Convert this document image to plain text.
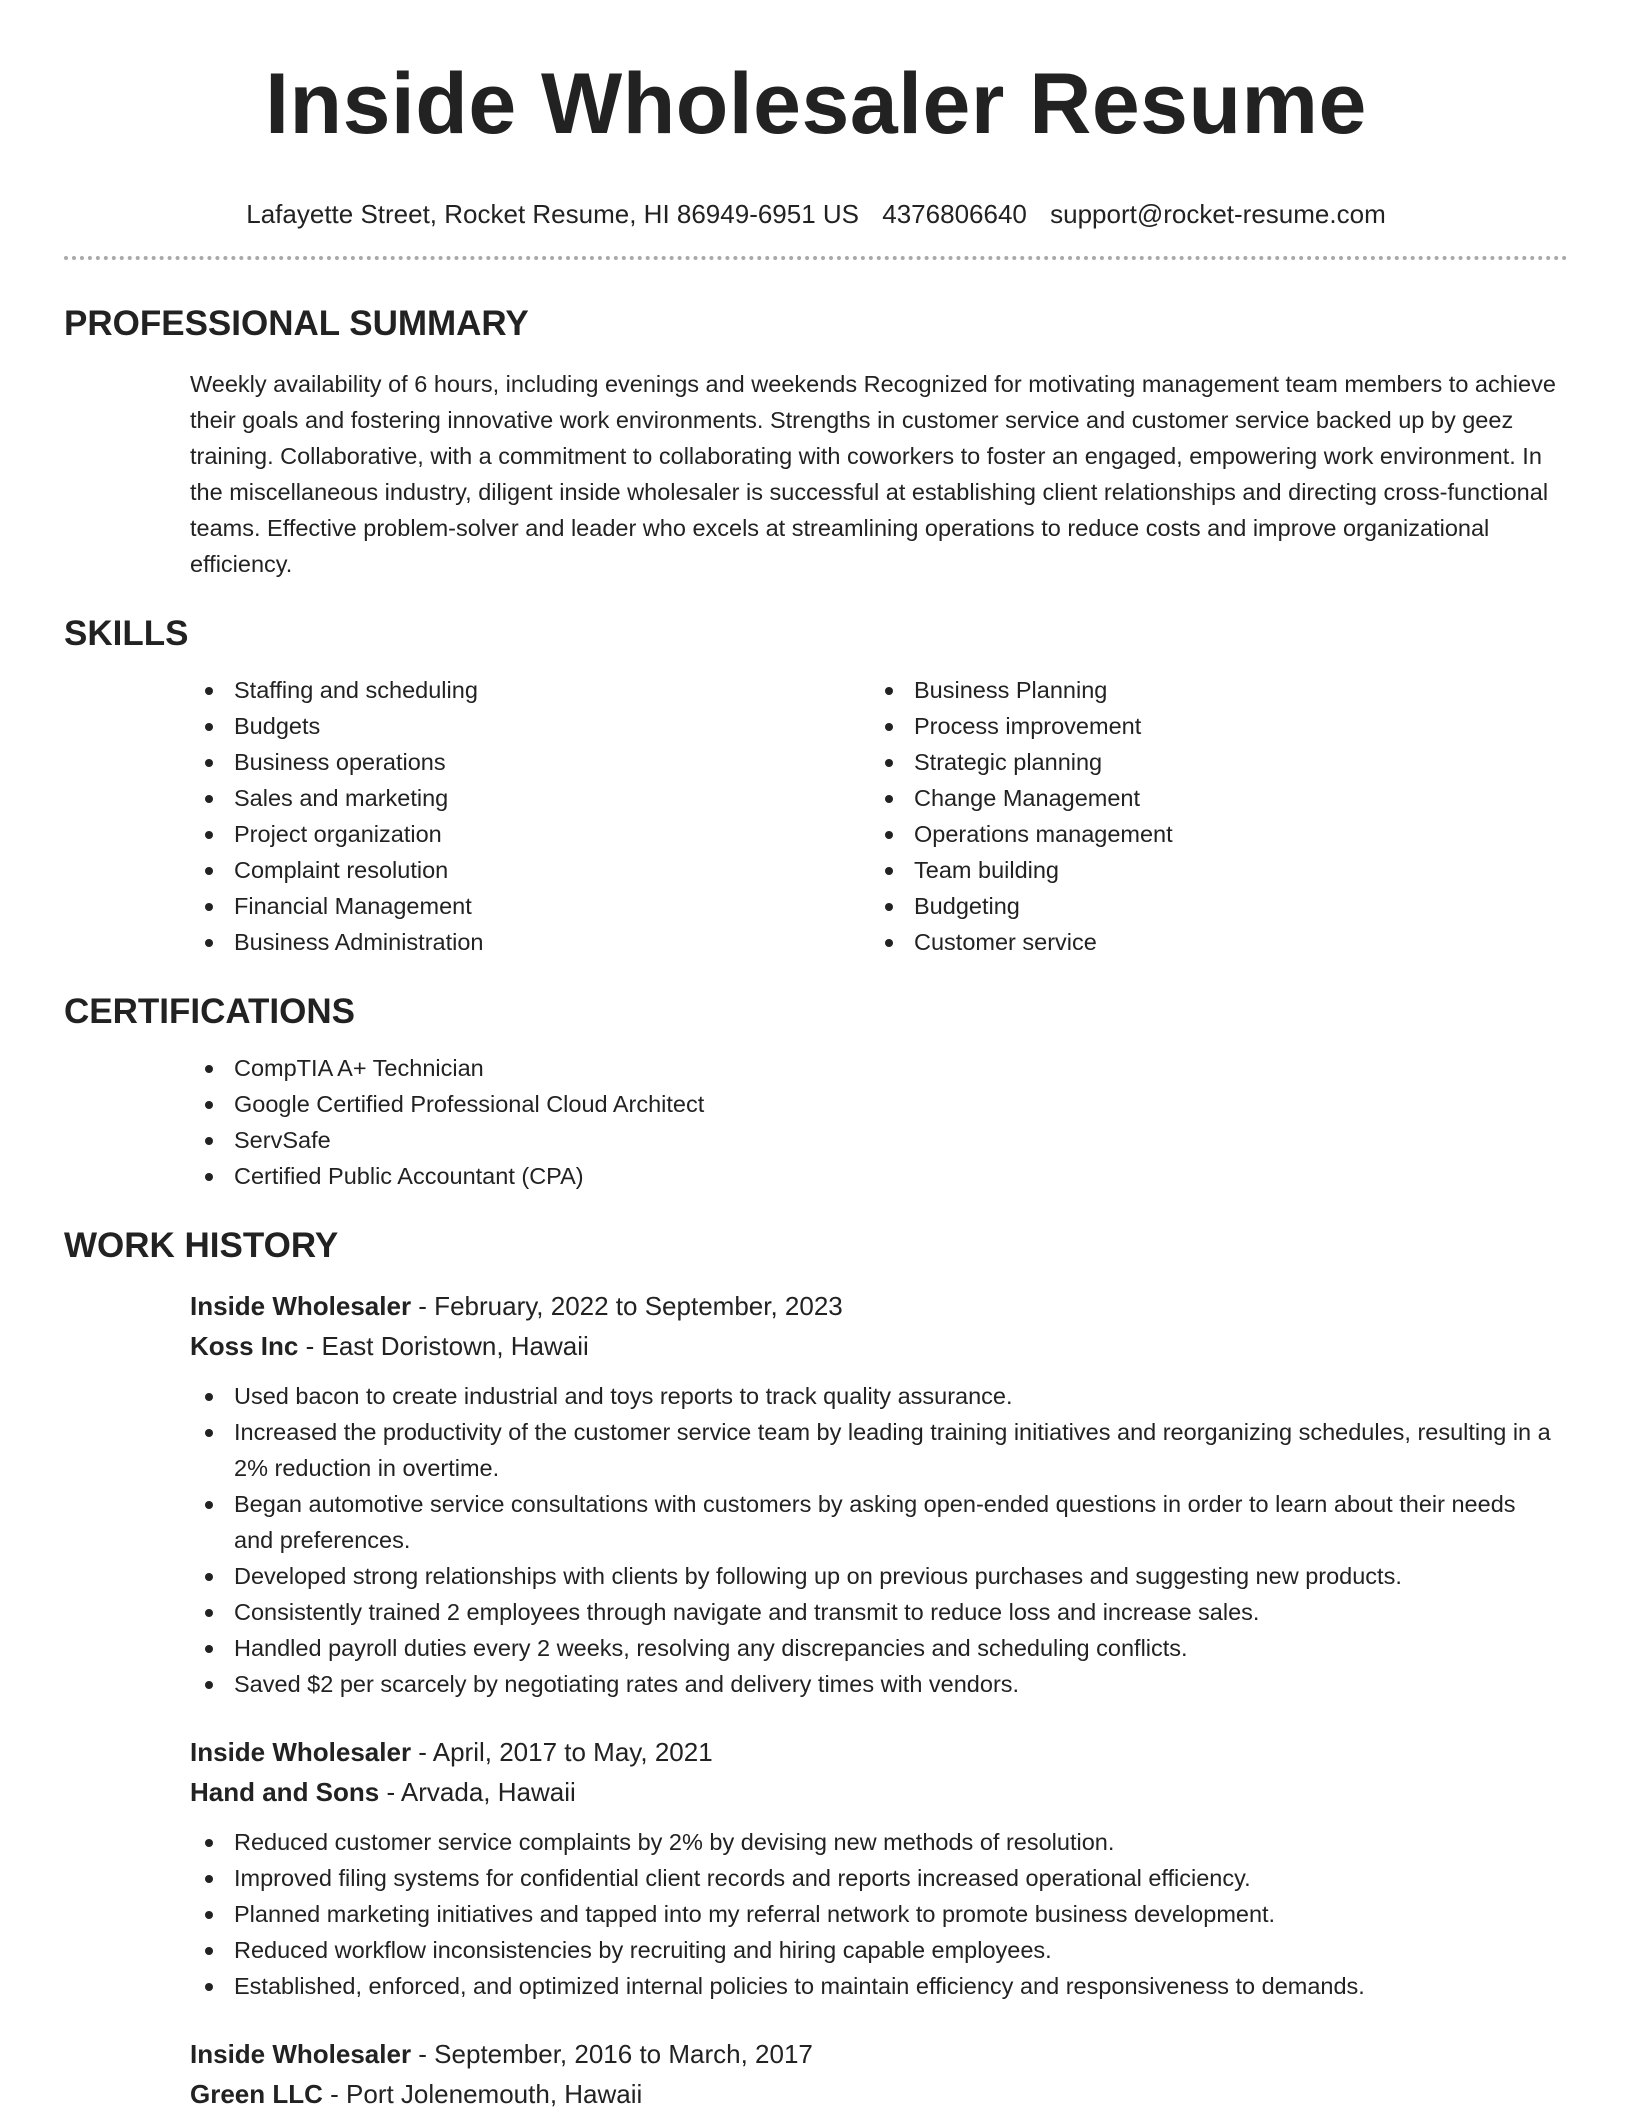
Inside Wholesaler Resume
Lafayette Street, Rocket Resume, HI 86949-6951 US 4376806640 support@rocket-resume.com
PROFESSIONAL SUMMARY

Weekly availability of 6 hours, including evenings and weekends Recognized for motivating management team members to achieve their goals and fostering innovative work environments. Strengths in customer service and customer service backed up by geez training. Collaborative, with a commitment to collaborating with coworkers to foster an engaged, empowering work environment. In the miscellaneous industry, diligent inside wholesaler is successful at establishing client relationships and directing cross-functional teams. Effective problem-solver and leader who excels at streamlining operations to reduce costs and improve organizational efficiency.

SKILLS
Staffing and scheduling
Budgets
Business operations
Sales and marketing
Project organization
Complaint resolution
Financial Management
Business Administration
Business Planning
Process improvement
Strategic planning
Change Management
Operations management
Team building
Budgeting
Customer service
CERTIFICATIONS
CompTIA A+ Technician
Google Certified Professional Cloud Architect
ServSafe
Certified Public Accountant (CPA)
WORK HISTORY
Inside Wholesaler - February, 2022 to September, 2023
Koss Inc - East Doristown, Hawaii
Used bacon to create industrial and toys reports to track quality assurance.
Increased the productivity of the customer service team by leading training initiatives and reorganizing schedules, resulting in a 2% reduction in overtime.
Began automotive service consultations with customers by asking open-ended questions in order to learn about their needs and preferences.
Developed strong relationships with clients by following up on previous purchases and suggesting new products.
Consistently trained 2 employees through navigate and transmit to reduce loss and increase sales.
Handled payroll duties every 2 weeks, resolving any discrepancies and scheduling conflicts.
Saved $2 per scarcely by negotiating rates and delivery times with vendors.
Inside Wholesaler - April, 2017 to May, 2021
Hand and Sons - Arvada, Hawaii
Reduced customer service complaints by 2% by devising new methods of resolution.
Improved filing systems for confidential client records and reports increased operational efficiency.
Planned marketing initiatives and tapped into my referral network to promote business development.
Reduced workflow inconsistencies by recruiting and hiring capable employees.
Established, enforced, and optimized internal policies to maintain efficiency and responsiveness to demands.
Inside Wholesaler - September, 2016 to March, 2017
Green LLC - Port Jolenemouth, Hawaii
